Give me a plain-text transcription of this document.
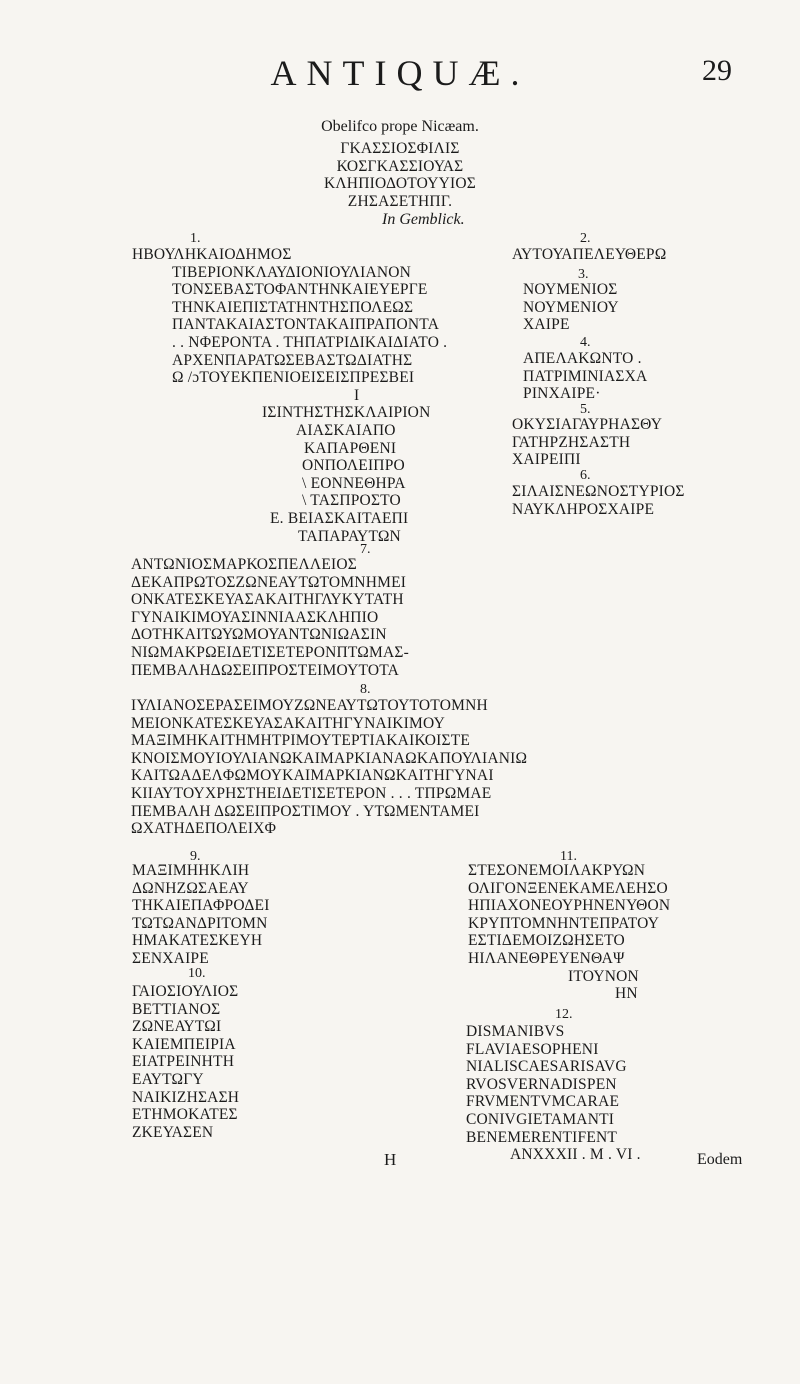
ANTIQUÆ.	29
Obelifco prope Nicæam.

ΓΚΑΣΣΙΟΣΦΙΛΙΣ

ΚΟΣΓΚΑΣΣΙΟΥΑΣ

ΚΛΗΠΙΟΔΟΤΟΥΥΙΟΣ

ΖΗΣΑΣΕΤΗΠΓ.

In Gemblick.
1.

ΗΒΟΥΛΗΚΑΙΟΔΗΜΟΣ

ΤΙΒΕΡΙΟΝΚΛΑΥΔΙΟΝΙΟΥΛΙΑΝΟΝ

ΤΟΝΣΕΒΑΣΤΟΦΑΝΤΗΝΚΑΙΕΥΕΡΓΕ

ΤΗΝΚΑΙΕΠΙΣΤΑΤΗΝΤΗΣΠΟΛΕΩΣ

ΠΑΝΤΑΚΑΙΑΣΤΟΝΤΑΚΑΙΠΡΑΠΟΝΤΑ

. . ΝΦΕΡΟΝΤΑ . ΤΗΠΑΤΡΙΔΙΚΑΙΔΙΑΤΟ .

ΑΡΧΕΝΠΑΡΑΤΩΣΕΒΑΣΤΩΔΙΑΤΗΣ

Ω /ɔΤΟΥΕΚΠΕΝΙΟΕΙΣΕΙΣΠΡΕΣΒΕΙ

Ι

ΙΣΙΝΤΗΣΤΗΣΚΛΑΙΡΙΟΝ

ΑΙΑΣΚΑΙΑΠΟ

ΚΑΠΑΡΘΕΝΙ

ΟΝΠΟΛΕΙΠΡΟ

\ ΕΟΝΝΕΘΗΡΑ

\ ΤΑΣΠΡΟΣΤΟ

Ε. ΒΕΙΑΣΚΑΙΤΑΕΠΙ

ΤΑΠΑΡΑΥΤΩΝ

2.

ΑΥΤΟΥΑΠΕΛΕΥΘΕΡΩ

3.

ΝΟΥΜΕΝΙΟΣ

ΝΟΥΜΕΝΙΟΥ

ΧΑΙΡΕ

4.

ΑΠΕΛΑΚΩΝΤΟ .

ΠΑΤΡΙΜΙΝΙΑΣΧΑ

ΡΙΝΧΑΙΡΕ·

5.

ΟΚΥΣΙΑΓΑΥΡΗΑΣΘΥ

ΓΑΤΗΡΖΗΣΑΣΤΗ

ΧΑΙΡΕΙΠΙ

6.

ΣΙΛΑΙΣΝΕΩΝΟΣΤΥΡΙΟΣ

ΝΑΥΚΛΗΡΟΣΧΑΙΡΕ

7.

ΑΝΤΩΝΙΟΣΜΑΡΚΟΣΠΕΛΛΕΙΟΣ

ΔΕΚΑΠΡΩΤΟΣΖΩΝΕΑΥΤΩΤΟΜΝΗΜΕΙ

ΟΝΚΑΤΕΣΚΕΥΑΣΑΚΑΙΤΗΓΛΥΚΥΤΑΤΗ

ΓΥΝΑΙΚΙΜΟΥΑΣΙΝΝΙΑΑΣΚΛΗΠΙΟ

ΔΟΤΗΚΑΙΤΩΥΩΜΟΥΑΝΤΩΝΙΩΑΣΙΝ

ΝΙΩΜΑΚΡΩΕΙΔΕΤΙΣΕΤΕΡΟΝΠΤΩΜΑΣ-

ΠΕΜΒΑΛΗΔΩΣΕΙΠΡΟΣΤΕΙΜΟΥΤΟΤΑ

8.

ΙΥΛΙΑΝΟΣΕΡΑΣΕΙΜΟΥΖΩΝΕΑΥΤΩΤΟΥΤΟΤΟΜΝΗ

ΜΕΙΟΝΚΑΤΕΣΚΕΥΑΣΑΚΑΙΤΗΓΥΝΑΙΚΙΜΟΥ

ΜΑΞΙΜΗΚΑΙΤΗΜΗΤΡΙΜΟΥΤΕΡΤΙΑΚΑΙΚΟΙΣΤΕ

ΚΝΟΙΣΜΟΥΙΟΥΛΙΑΝΩΚΑΙΜΑΡΚΙΑΝΑΩΚΑΠΟΥΛΙΑΝΙΩ

ΚΑΙΤΩΑΔΕΛΦΩΜΟΥΚΑΙΜΑΡΚΙΑΝΩΚΑΙΤΗΓΥΝΑΙ

ΚΙΙΑΥΤΟΥΧΡΗΣΤΗΕΙΔΕΤΙΣΕΤΕΡΟΝ . . . ΤΠΡΩΜΑΕ

ΠΕΜΒΑΛΗ ΔΩΣΕΙΠΡΟΣΤΙΜΟΥ . ΥΤΩΜΕΝΤΑΜΕΙ

ΩΧΑΤΗΔΕΠΟΛΕΙΧΦ

9.

ΜΑΞΙΜΗΗΚΛΙΗ

ΔΩΝΗΖΩΣΑΕΑΥ

ΤΗΚΑΙΕΠΑΦΡΟΔΕΙ

ΤΩΤΩΑΝΔΡΙΤΟΜΝ

ΗΜΑΚΑΤΕΣΚΕΥΗ

ΣΕΝΧΑΙΡΕ

10.

ΓΑΙΟΣΙΟΥΛΙΟΣ

ΒΕΤΤΙΑΝΟΣ

ΖΩΝΕΑΥΤΩΙ

ΚΑΙΕΜΠΕΙΡΙΑ

ΕΙΑΤΡΕΙΝΗΤΗ

ΕΑΥΤΩΓΥ

ΝΑΙΚΙΖΗΣΑΣΗ

ΕΤΗΜΟΚΑΤΕΣ

ΖΚΕΥΑΣΕΝ

11.

ΣΤΕΣΟΝΕΜΟΙΛΑΚΡΥΩΝ

ΟΛΙΓΟΝΞΕΝΕΚΑΜΕΛΕΗΣΟ

ΗΠΙΑΧΟΝΕΟΥΡΗΝΕΝΥΘΟΝ

ΚΡΥΠΤΟΜΝΗΝΤΕΠΡΑΤΟΥ

ΕΣΤΙΔΕΜΟΙΖΩΗΣΕΤΟ

ΗΙΛΑΝΕΘΡΕΥΕΝΘΑΨ

ΙΤΟΥΝΟΝ

ΗΝ

12.

DISMANIBVS

FLAVIAESOPHENI

NIALISCAESARISAVG

RVOSVERNADISPEN

FRVMENTVMCARAE

CONIVGIETAMANTI

BENEMERENTIFENT

ANXXXII . M . VI .

H	Eodem
